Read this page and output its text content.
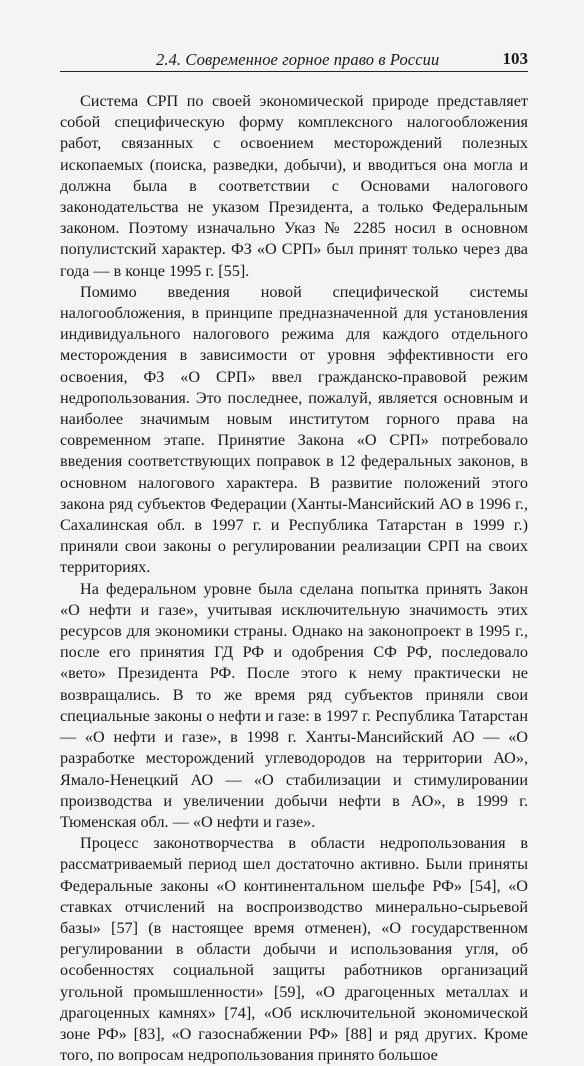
2.4. Современное горное право в России	103

Система СРП по своей экономической природе представляет собой специфическую форму комплексного налогообложения работ, связанных с освоением месторождений полезных ископаемых (поиска, разведки, добычи), и вводиться она могла и должна была в соответствии с Основами налогового законодательства не указом Президента, а только Федеральным законом. Поэтому изначально Указ № 2285 носил в основном популистский характер. ФЗ «О СРП» был принят только через два года — в конце 1995 г. [55].

Помимо введения новой специфической системы налогообложения, в принципе предназначенной для установления индивидуального налогового режима для каждого отдельного месторождения в зависимости от уровня эффективности его освоения, ФЗ «О СРП» ввел гражданско-правовой режим недропользования. Это последнее, пожалуй, является основным и наиболее значимым новым институтом горного права на современном этапе. Принятие Закона «О СРП» потребовало введения соответствующих поправок в 12 федеральных законов, в основном налогового характера. В развитие положений этого закона ряд субъектов Федерации (Ханты-Мансийский АО в 1996 г., Сахалинская обл. в 1997 г. и Республика Татарстан в 1999 г.) приняли свои законы о регулировании реализации СРП на своих территориях.

На федеральном уровне была сделана попытка принять Закон «О нефти и газе», учитывая исключительную значимость этих ресурсов для экономики страны. Однако на законопроект в 1995 г., после его принятия ГД РФ и одобрения СФ РФ, последовало «вето» Президента РФ. После этого к нему практически не возвращались. В то же время ряд субъектов приняли свои специальные законы о нефти и газе: в 1997 г. Республика Татарстан — «О нефти и газе», в 1998 г. Ханты-Мансийский АО — «О разработке месторождений углеводородов на территории АО», Ямало-Ненецкий АО — «О стабилизации и стимулировании производства и увеличении добычи нефти в АО», в 1999 г. Тюменская обл. — «О нефти и газе».

Процесс законотворчества в области недропользования в рассматриваемый период шел достаточно активно. Были приняты Федеральные законы «О континентальном шельфе РФ» [54], «О ставках отчислений на воспроизводство минерально-сырьевой базы» [57] (в настоящее время отменен), «О государственном регулировании в области добычи и использования угля, об особенностях социальной защиты работников организаций угольной промышленности» [59], «О драгоценных металлах и драгоценных камнях» [74], «Об исключительной экономической зоне РФ» [83], «О газоснабжении РФ» [88] и ряд других. Кроме того, по вопросам недропользования принято большое
